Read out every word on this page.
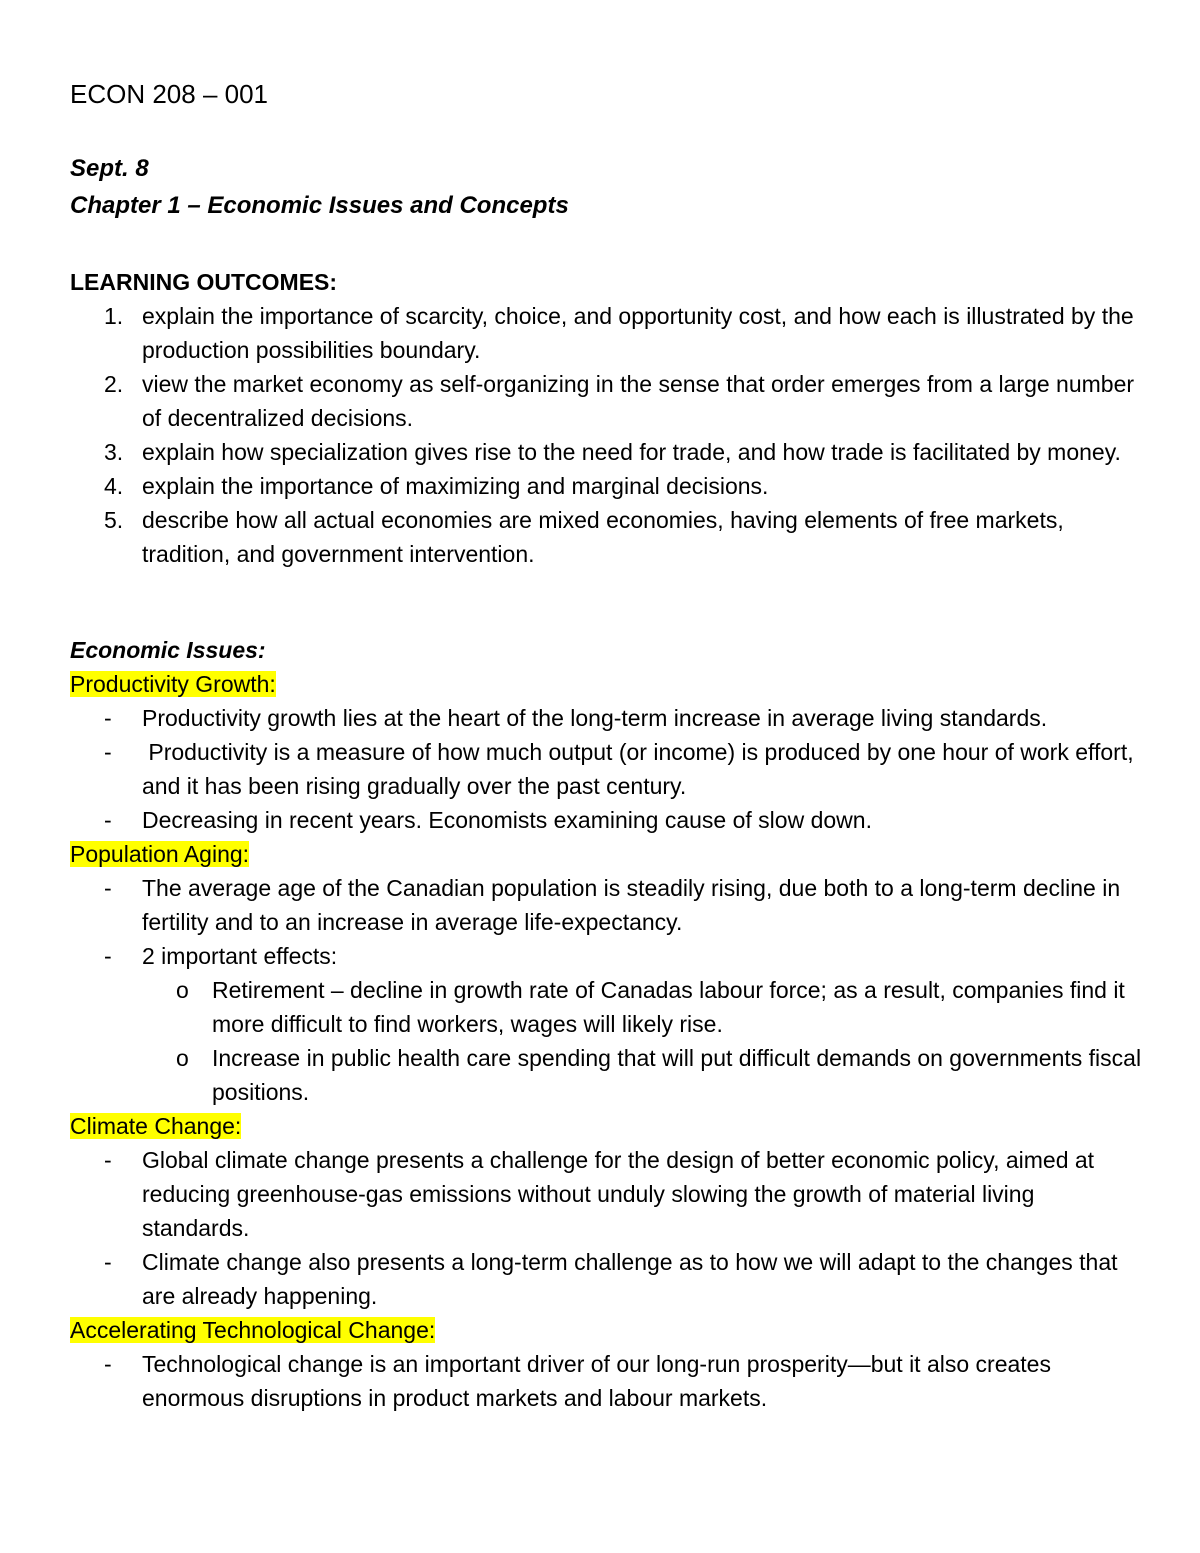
ECON 208 – 001
Sept. 8
Chapter 1 – Economic Issues and Concepts
LEARNING OUTCOMES:
1. explain the importance of scarcity, choice, and opportunity cost, and how each is illustrated by the production possibilities boundary.
2. view the market economy as self-organizing in the sense that order emerges from a large number of decentralized decisions.
3. explain how specialization gives rise to the need for trade, and how trade is facilitated by money.
4. explain the importance of maximizing and marginal decisions.
5. describe how all actual economies are mixed economies, having elements of free markets, tradition, and government intervention.
Economic Issues:
Productivity Growth:
- Productivity growth lies at the heart of the long-term increase in average living standards.
- Productivity is a measure of how much output (or income) is produced by one hour of work effort, and it has been rising gradually over the past century.
- Decreasing in recent years. Economists examining cause of slow down.
Population Aging:
- The average age of the Canadian population is steadily rising, due both to a long-term decline in fertility and to an increase in average life-expectancy.
- 2 important effects:
o Retirement – decline in growth rate of Canadas labour force; as a result, companies find it more difficult to find workers, wages will likely rise.
o Increase in public health care spending that will put difficult demands on governments fiscal positions.
Climate Change:
- Global climate change presents a challenge for the design of better economic policy, aimed at reducing greenhouse-gas emissions without unduly slowing the growth of material living standards.
- Climate change also presents a long-term challenge as to how we will adapt to the changes that are already happening.
Accelerating Technological Change:
- Technological change is an important driver of our long-run prosperity—but it also creates enormous disruptions in product markets and labour markets.
